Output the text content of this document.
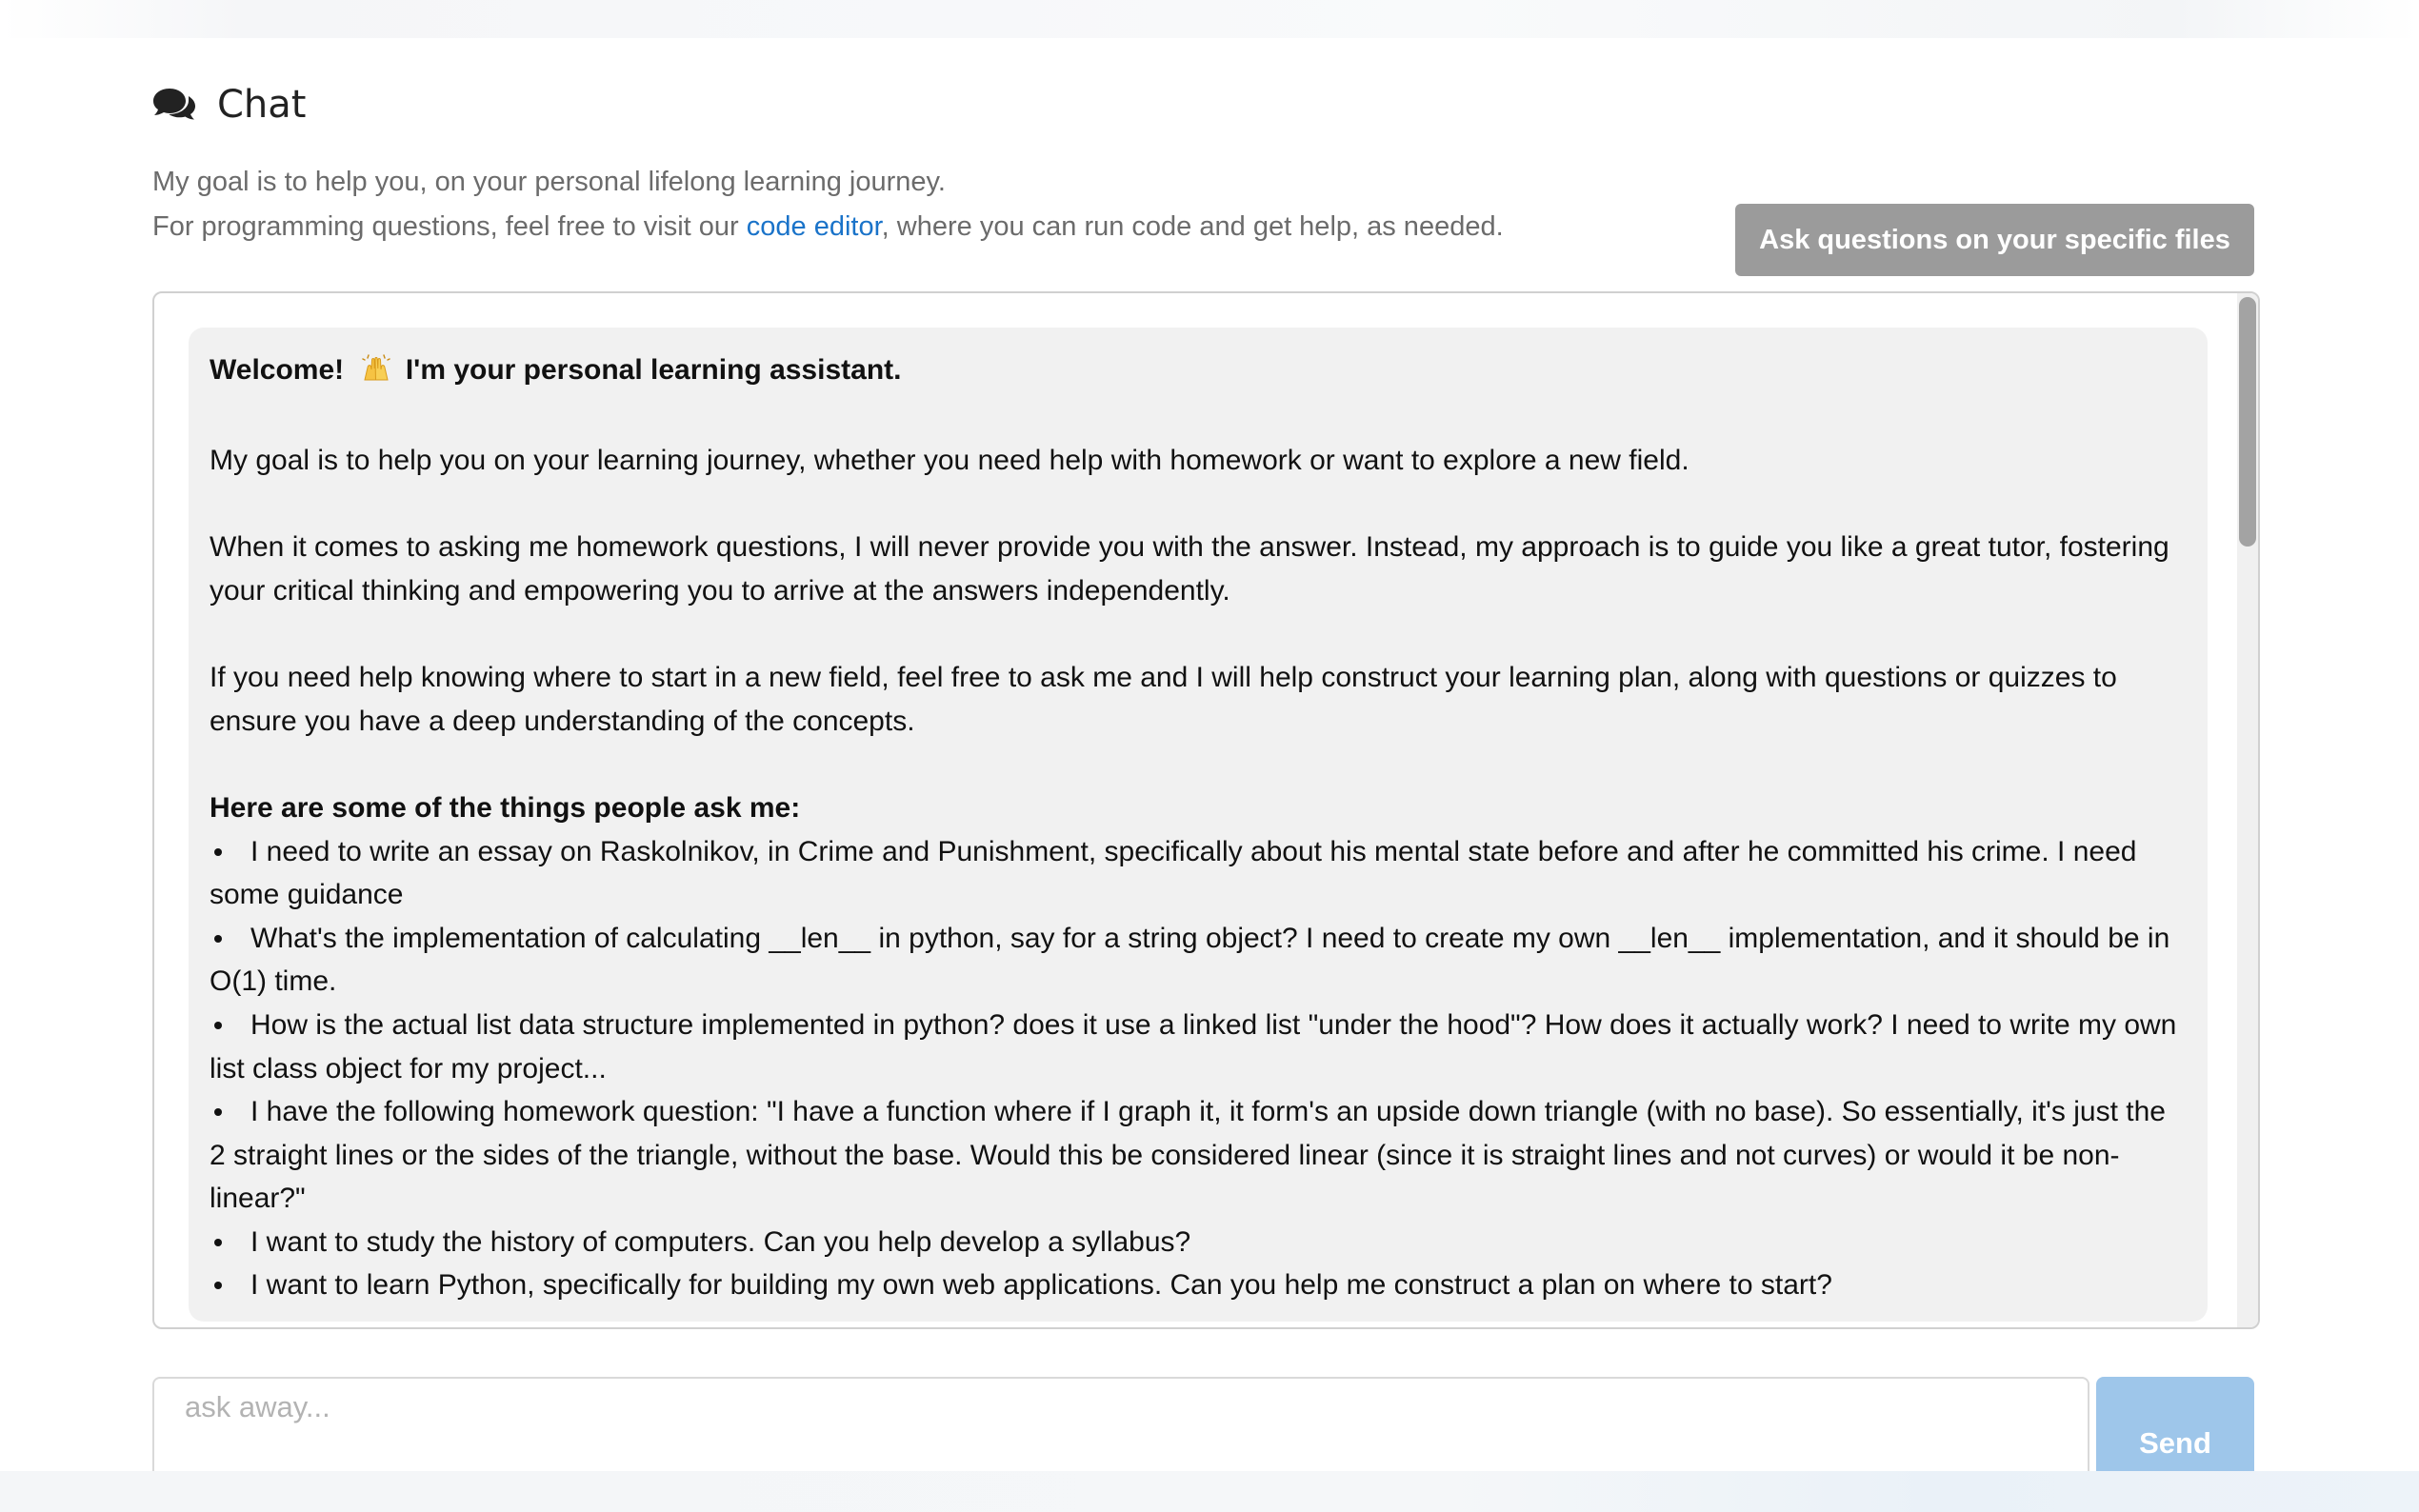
Chat
My goal is to help you, on your personal lifelong learning journey.
For programming questions, feel free to visit our code editor, where you can run code and get help, as needed.	Ask questions on your specific files

Welcome! I'm your personal learning assistant.

My goal is to help you on your learning journey, whether you need help with homework or want to explore a new field.

When it comes to asking me homework questions, I will never provide you with the answer. Instead, my approach is to guide you like a great tutor, fostering your critical thinking and empowering you to arrive at the answers independently.

If you need help knowing where to start in a new field, feel free to ask me and I will help construct your learning plan, along with questions or quizzes to ensure you have a deep understanding of the concepts.

Here are some of the things people ask me:
I need to write an essay on Raskolnikov, in Crime and Punishment, specifically about his mental state before and after he committed his crime. I need some guidance
What's the implementation of calculating __len__ in python, say for a string object? I need to create my own __len__ implementation, and it should be in O(1) time.
How is the actual list data structure implemented in python? does it use a linked list "under the hood"? How does it actually work? I need to write my own list class object for my project...
I have the following homework question: "I have a function where if I graph it, it form's an upside down triangle (with no base). So essentially, it's just the 2 straight lines or the sides of the triangle, without the base. Would this be considered linear (since it is straight lines and not curves) or would it be non-linear?"
I want to study the history of computers. Can you help develop a syllabus?
I want to learn Python, specifically for building my own web applications. Can you help me construct a plan on where to start?
ask away...
Send
